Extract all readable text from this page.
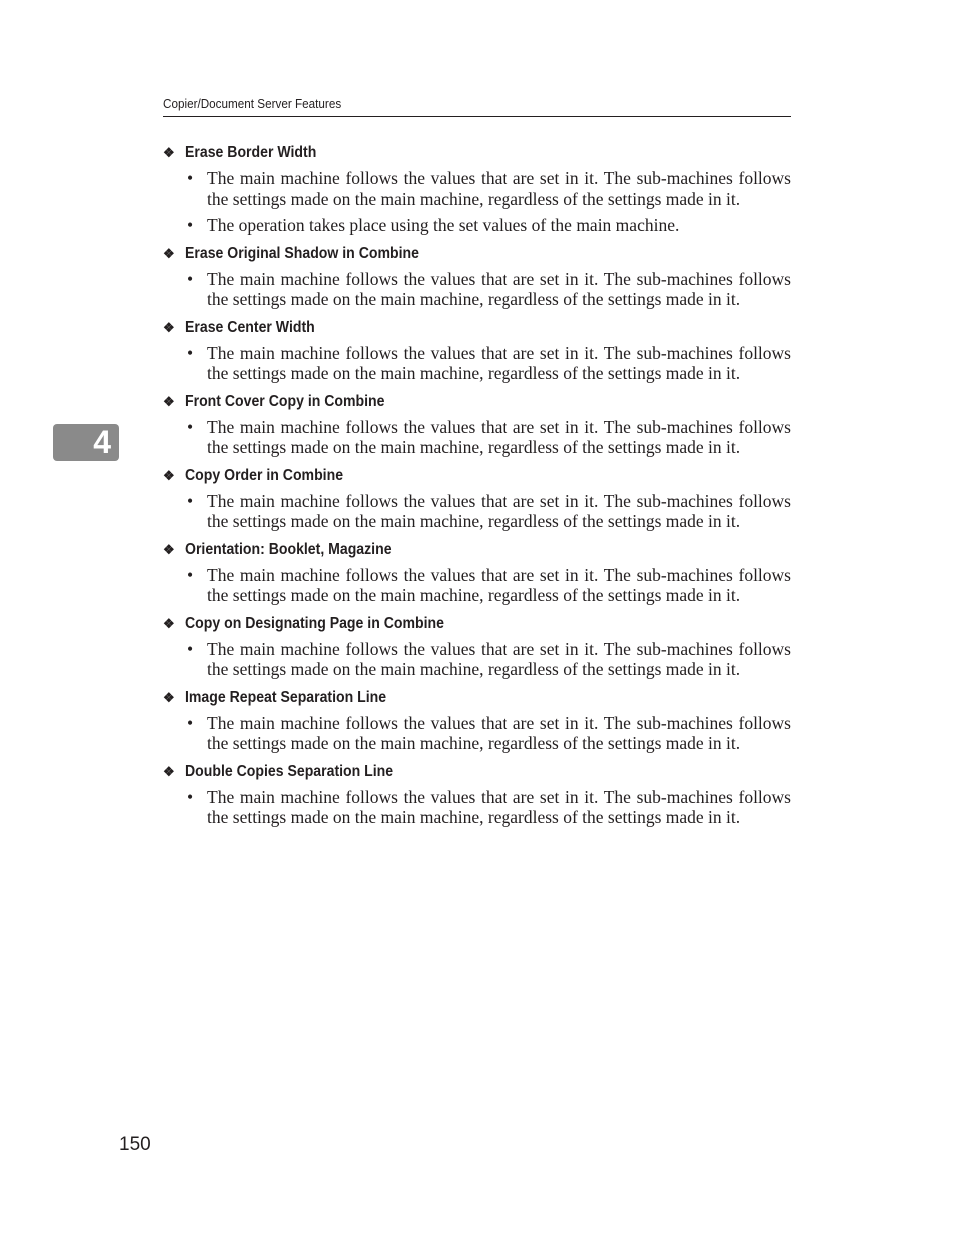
Copier/Document Server Features
4
❖ Erase Border Width
• The main machine follows the values that are set in it. The sub-machines follows the settings made on the main machine, regardless of the settings made in it.
• The operation takes place using the set values of the main machine.
❖ Erase Original Shadow in Combine
• The main machine follows the values that are set in it. The sub-machines follows the settings made on the main machine, regardless of the settings made in it.
❖ Erase Center Width
• The main machine follows the values that are set in it. The sub-machines follows the settings made on the main machine, regardless of the settings made in it.
❖ Front Cover Copy in Combine
• The main machine follows the values that are set in it. The sub-machines follows the settings made on the main machine, regardless of the settings made in it.
❖ Copy Order in Combine
• The main machine follows the values that are set in it. The sub-machines follows the settings made on the main machine, regardless of the settings made in it.
❖ Orientation: Booklet, Magazine
• The main machine follows the values that are set in it. The sub-machines follows the settings made on the main machine, regardless of the settings made in it.
❖ Copy on Designating Page in Combine
• The main machine follows the values that are set in it. The sub-machines follows the settings made on the main machine, regardless of the settings made in it.
❖ Image Repeat Separation Line
• The main machine follows the values that are set in it. The sub-machines follows the settings made on the main machine, regardless of the settings made in it.
❖ Double Copies Separation Line
• The main machine follows the values that are set in it. The sub-machines follows the settings made on the main machine, regardless of the settings made in it.
150
